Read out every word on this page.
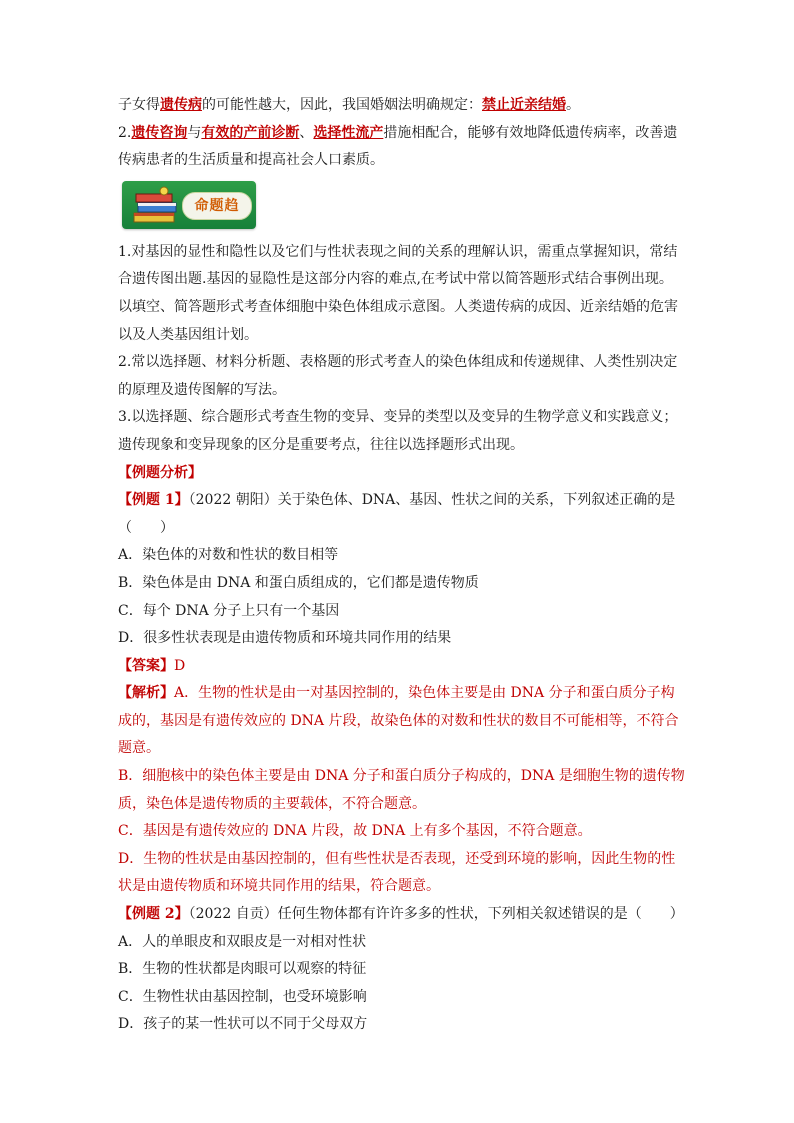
子女得遗传病的可能性越大，因此，我国婚姻法明确规定：禁止近亲结婚。
2.遗传咨询与有效的产前诊断、选择性流产措施相配合，能够有效地降低遗传病率，改善遗
传病患者的生活质量和提高社会人口素质。
命题趋
1.对基因的显性和隐性以及它们与性状表现之间的关系的理解认识，需重点掌握知识，常结
合遗传图出题.基因的显隐性是这部分内容的难点,在考试中常以简答题形式结合事例出现。
以填空、简答题形式考查体细胞中染色体组成示意图。人类遗传病的成因、近亲结婚的危害
以及人类基因组计划。
2.常以选择题、材料分析题、表格题的形式考查人的染色体组成和传递规律、人类性别决定
的原理及遗传图解的写法。
3.以选择题、综合题形式考查生物的变异、变异的类型以及变异的生物学意义和实践意义；
遗传现象和变异现象的区分是重要考点，往往以选择题形式出现。
【例题分析】
【例题 1】（2022 朝阳）关于染色体、DNA、基因、性状之间的关系，下列叙述正确的是
（　　）
A．染色体的对数和性状的数目相等
B．染色体是由 DNA 和蛋白质组成的，它们都是遗传物质
C．每个 DNA 分子上只有一个基因
D．很多性状表现是由遗传物质和环境共同作用的结果
【答案】D
【解析】A．生物的性状是由一对基因控制的，染色体主要是由 DNA 分子和蛋白质分子构
成的，基因是有遗传效应的 DNA 片段，故染色体的对数和性状的数目不可能相等，不符合
题意。
B．细胞核中的染色体主要是由 DNA 分子和蛋白质分子构成的，DNA 是细胞生物的遗传物
质，染色体是遗传物质的主要载体，不符合题意。
C．基因是有遗传效应的 DNA 片段，故 DNA 上有多个基因，不符合题意。
D．生物的性状是由基因控制的，但有些性状是否表现，还受到环境的影响，因此生物的性
状是由遗传物质和环境共同作用的结果，符合题意。
【例题 2】（2022 自贡）任何生物体都有许许多多的性状，下列相关叙述错误的是（　　）
A．人的单眼皮和双眼皮是一对相对性状
B．生物的性状都是肉眼可以观察的特征
C．生物性状由基因控制，也受环境影响
D．孩子的某一性状可以不同于父母双方
